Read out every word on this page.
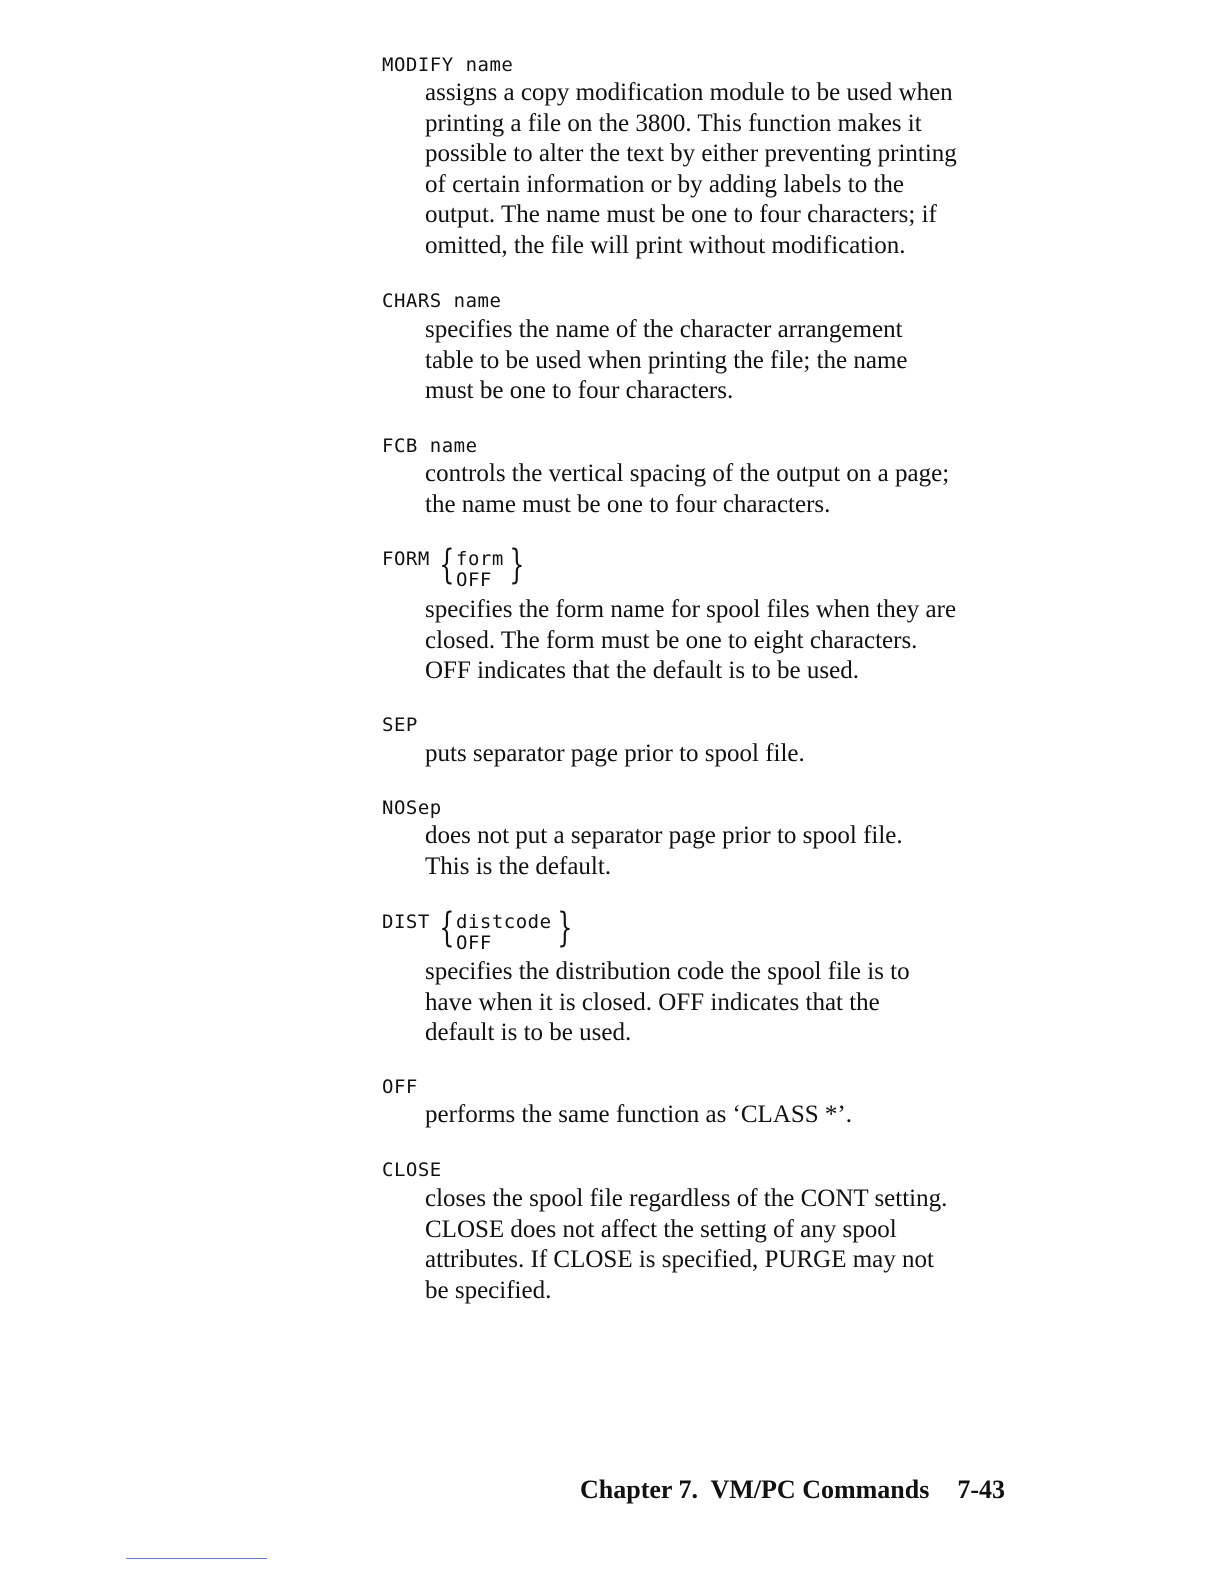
MODIFY name
assigns a copy modification module to be used when
printing a file on the 3800. This function makes it
possible to alter the text by either preventing printing
of certain information or by adding labels to the
output. The name must be one to four characters; if
omitted, the file will print without modification.
CHARS name
specifies the name of the character arrangement
table to be used when printing the file; the name
must be one to four characters.
FCB name
controls the vertical spacing of the output on a page;
the name must be one to four characters.
FORM { form
OFF }
specifies the form name for spool files when they are
closed. The form must be one to eight characters.
OFF indicates that the default is to be used.
SEP
puts separator page prior to spool file.
NOSep
does not put a separator page prior to spool file.
This is the default.
DIST { distcode
OFF }
specifies the distribution code the spool file is to
have when it is closed. OFF indicates that the
default is to be used.
OFF
performs the same function as ‘CLASS *’.
CLOSE
closes the spool file regardless of the CONT setting.
CLOSE does not affect the setting of any spool
attributes. If CLOSE is specified, PURGE may not
be specified.
Chapter 7.  VM/PC Commands 7-43
